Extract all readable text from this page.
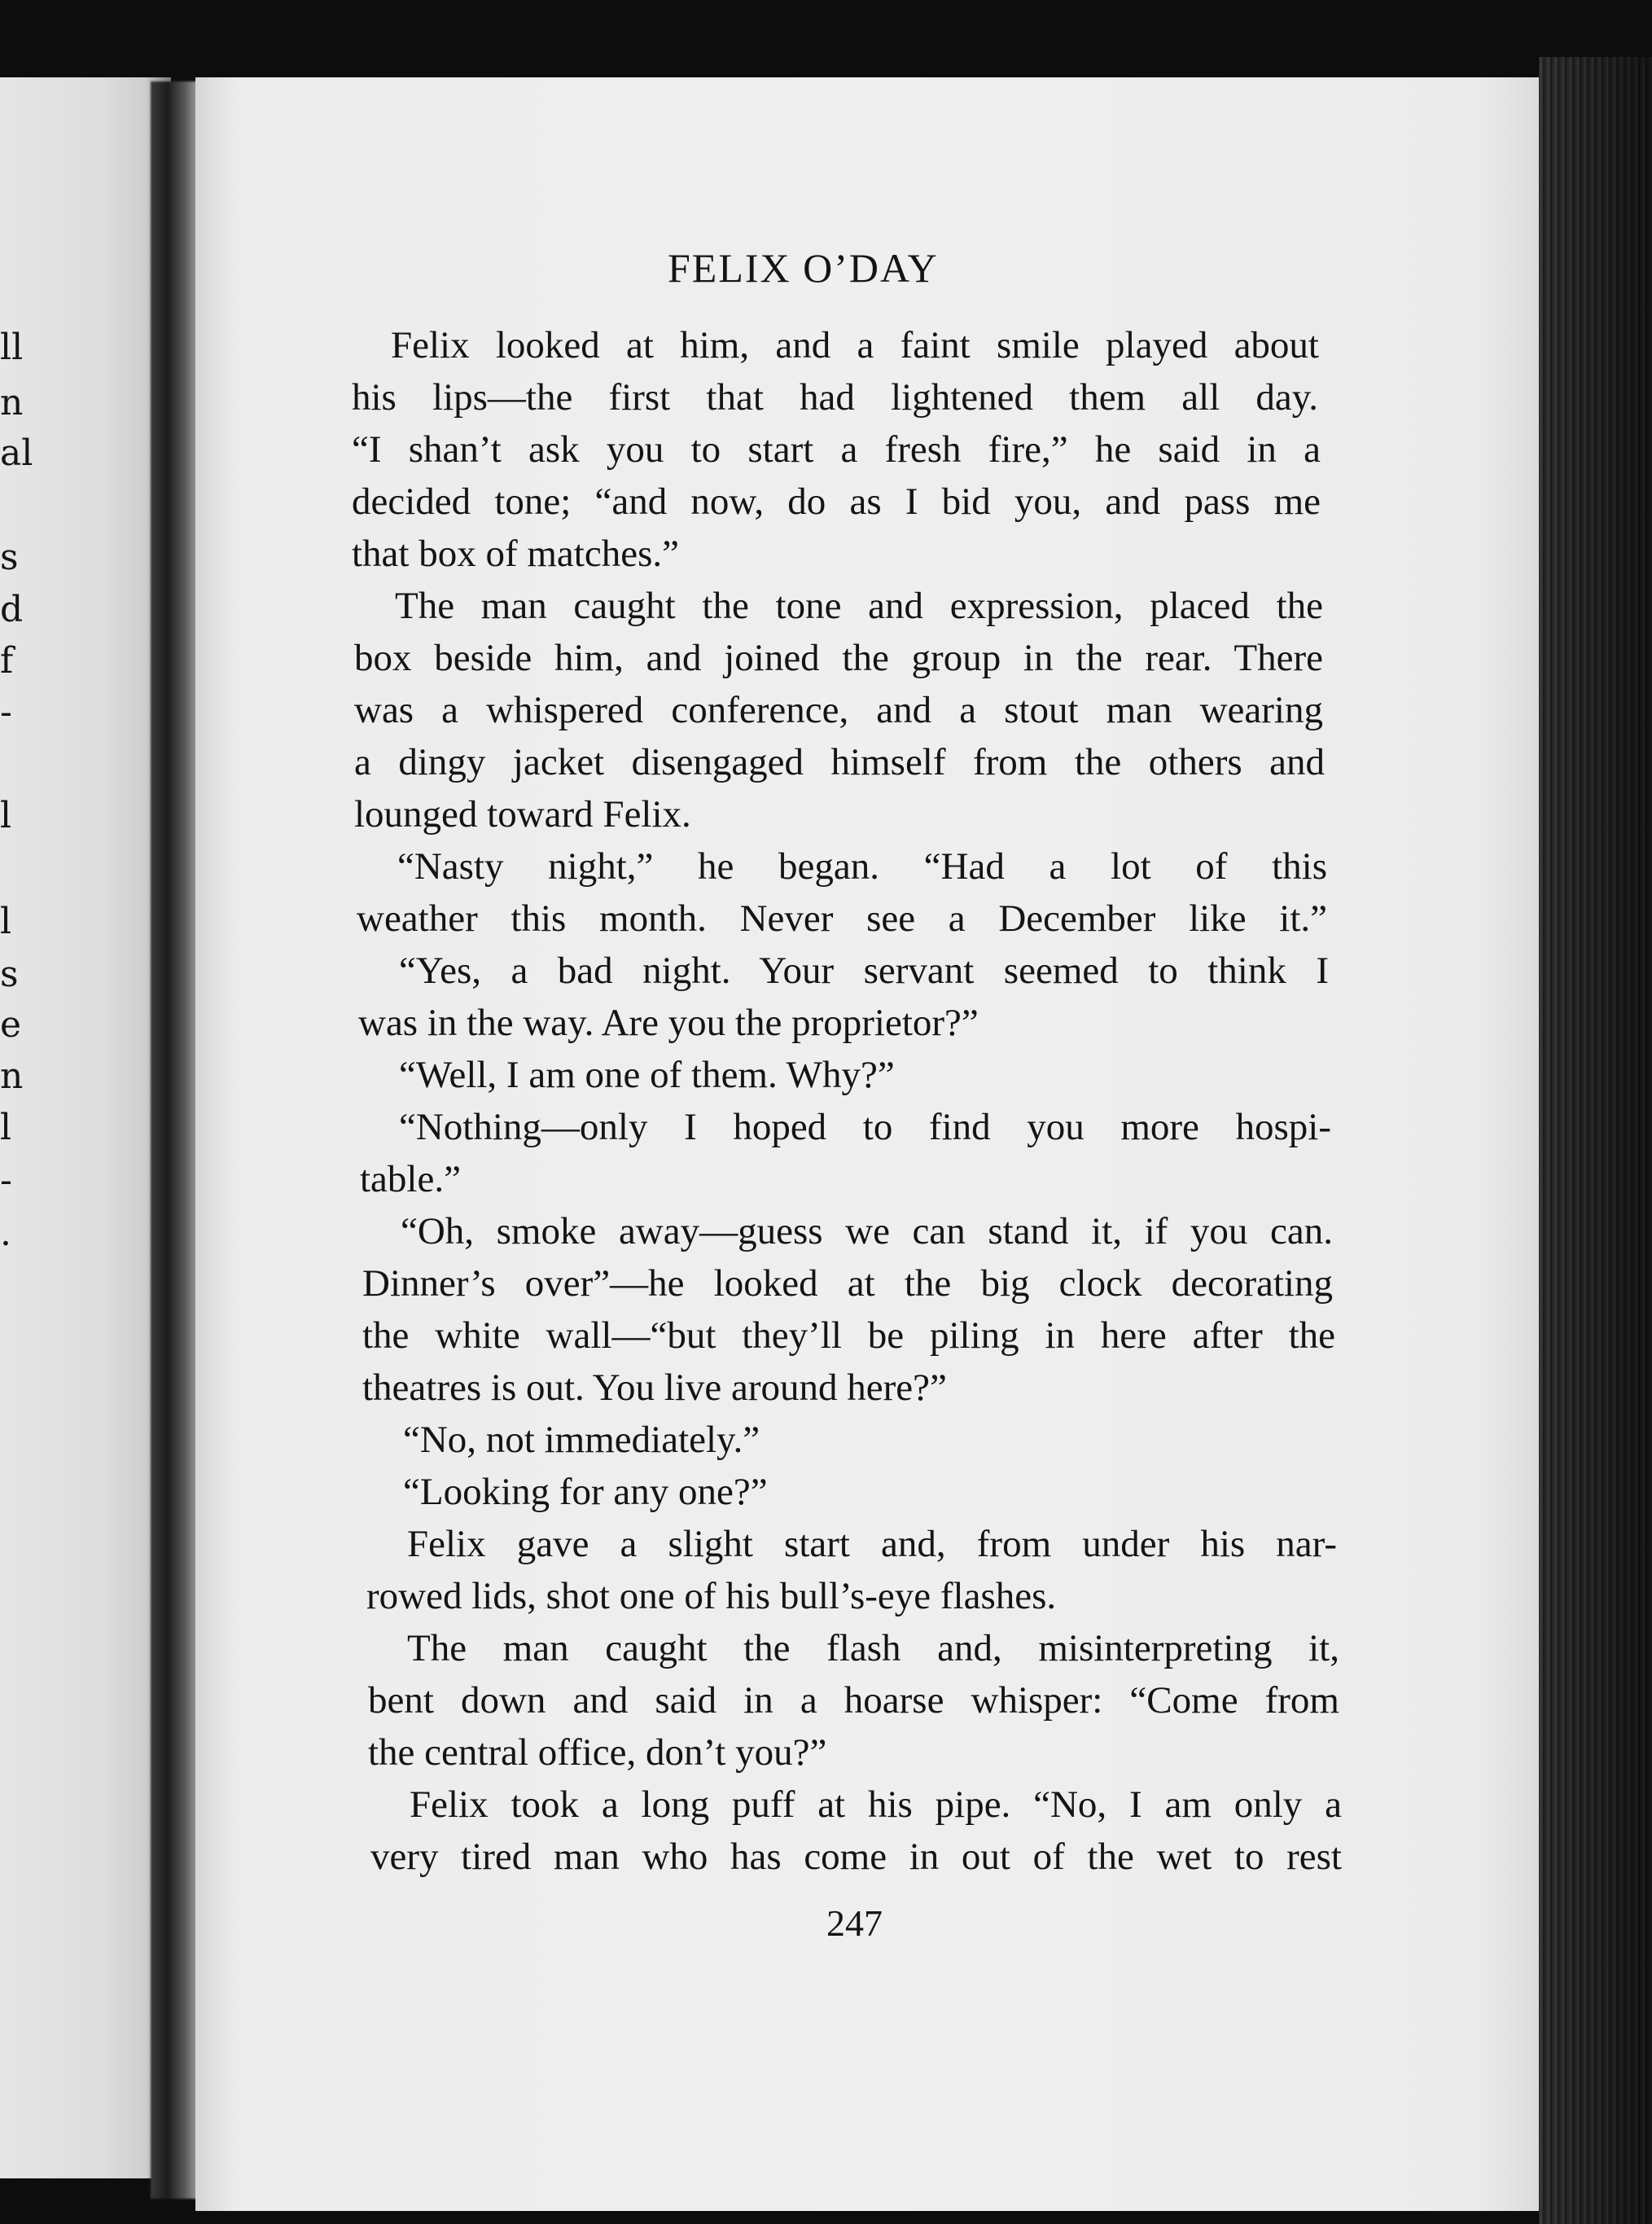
ll
n
al
s
d
f
-
l
l
s
e
n
l
-
.
FELIX O’DAY
Felix looked at him, and a faint smile played about
his lips—the first that had lightened them all day.
“I shan’t ask you to start a fresh fire,” he said in a
decided tone; “and now, do as I bid you, and pass me
that box of matches.”
The man caught the tone and expression, placed the
box beside him, and joined the group in the rear. There
was a whispered conference, and a stout man wearing
a dingy jacket disengaged himself from the others and
lounged toward Felix.
“Nasty night,” he began. “Had a lot of this
weather this month. Never see a December like it.”
“Yes, a bad night. Your servant seemed to think I
was in the way. Are you the proprietor?”
“Well, I am one of them. Why?”
“Nothing—only I hoped to find you more hospi-
table.”
“Oh, smoke away—guess we can stand it, if you can.
Dinner’s over”—he looked at the big clock decorating
the white wall—“but they’ll be piling in here after the
theatres is out. You live around here?”
“No, not immediately.”
“Looking for any one?”
Felix gave a slight start and, from under his nar-
rowed lids, shot one of his bull’s-eye flashes.
The man caught the flash and, misinterpreting it,
bent down and said in a hoarse whisper: “Come from
the central office, don’t you?”
Felix took a long puff at his pipe. “No, I am only a
very tired man who has come in out of the wet to rest
247
